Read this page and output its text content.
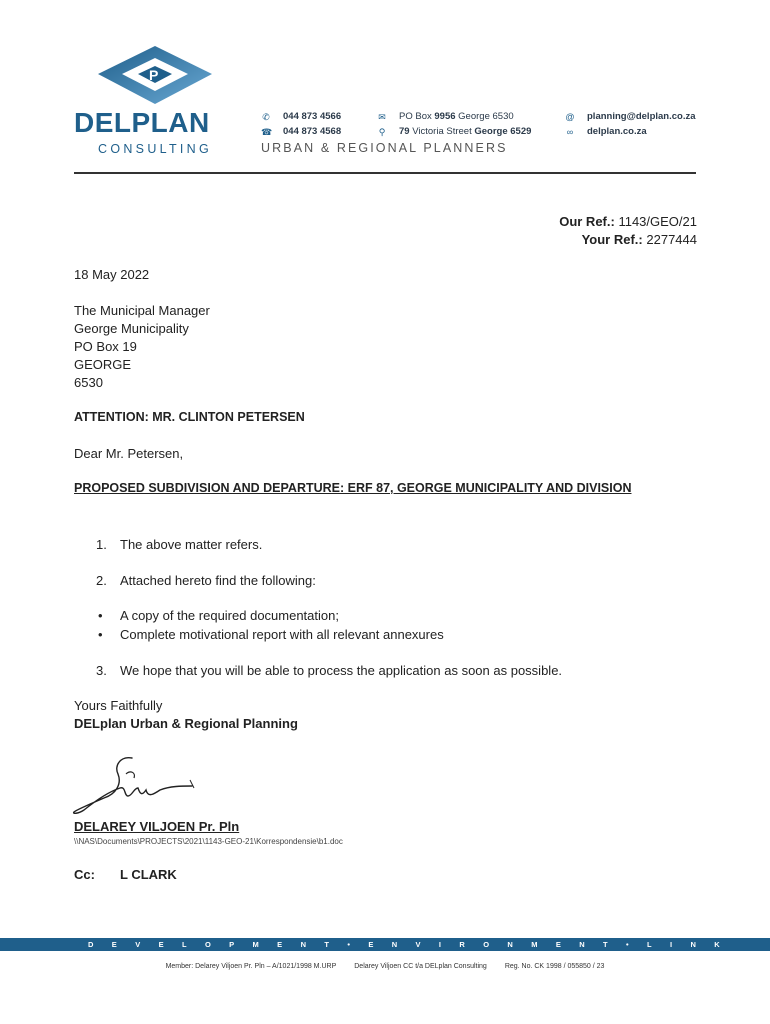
P
DELPLAN
CONSULTING
✆ 044 873 4566
☎ 044 873 4568
✉ PO Box
9956
George 6530
⚲ 79
Victoria Street
George 6529
@ planning@delplan.co.za
∞ delplan.co.za
URBAN & REGIONAL PLANNERS
Our Ref.: 1143/GEO/21
Your Ref.: 2277444
18 May 2022
The Municipal Manager
George Municipality
PO Box 19
GEORGE
6530
ATTENTION: MR. CLINTON PETERSEN
Dear Mr. Petersen,
PROPOSED SUBDIVISION AND DEPARTURE: ERF 87, GEORGE MUNICIPALITY AND DIVISION
1. The above matter refers.
2. Attached hereto find the following:
• A copy of the required documentation;
• Complete motivational report with all relevant annexures
3. We hope that you will be able to process the application as soon as possible.
Yours Faithfully
DELplan Urban & Regional Planning
DELAREY VILJOEN Pr. Pln
\\NAS\Documents\PROJECTS\2021\1143-GEO-21\Korrespondensie\b1.doc
Cc: L CLARK
D E V E L O P M E N T • E N V I R O N M E N T • L I N K
Member: Delarey Viljoen Pr. Pln – A/1021/1998 M.URP	Delarey Viljoen CC t/a DELplan Consulting	Reg. No. CK 1998 / 055850 / 23
